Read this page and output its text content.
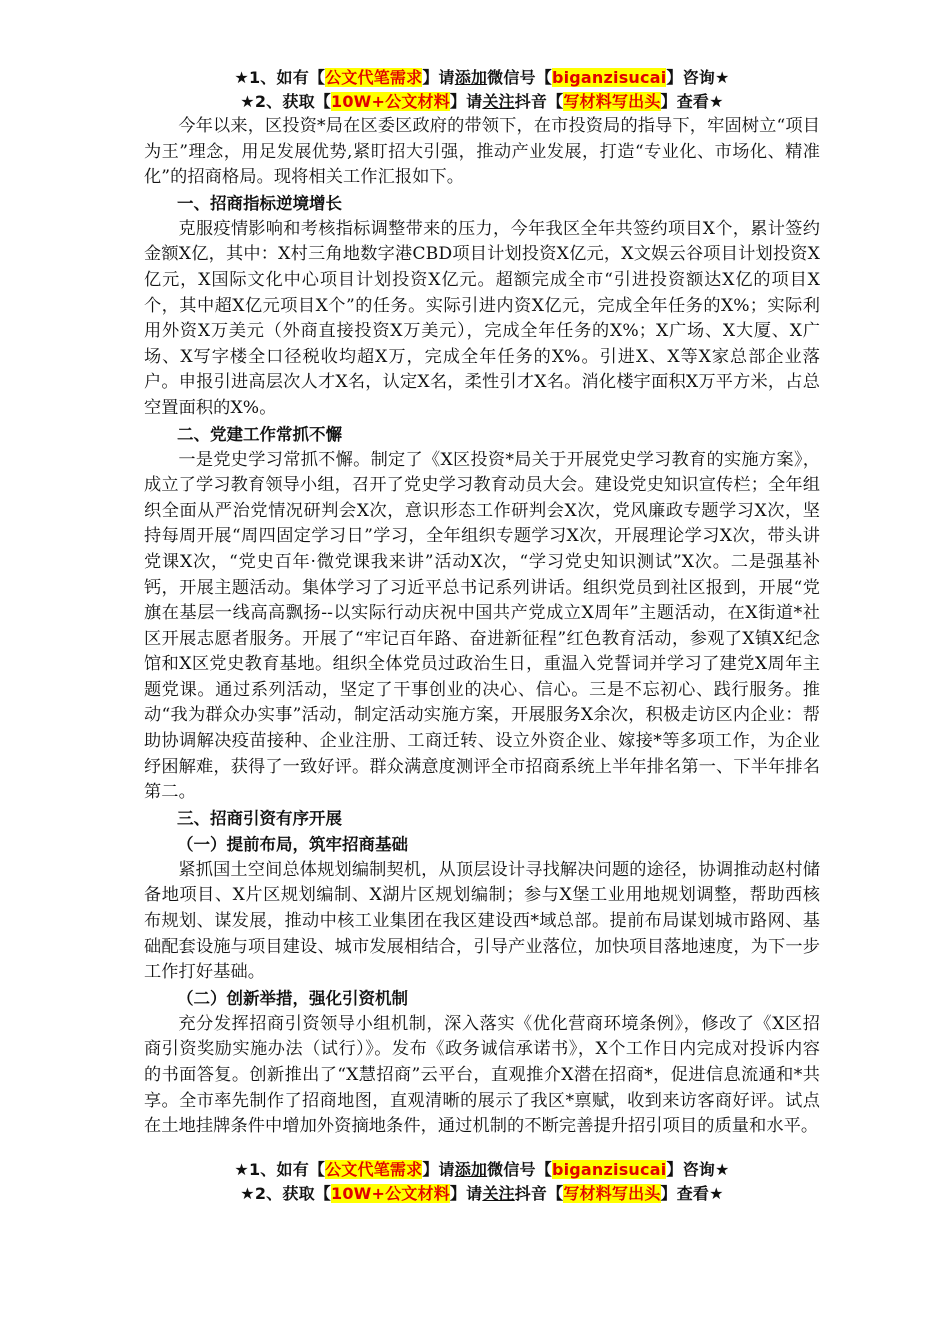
★1、如有【公文代笔需求】请添加微信号【biganzisucai】咨询★
★2、获取【10W+公文材料】请关注抖音【写材料写出头】查看★

今年以来，区投资*局在区委区政府的带领下，在市投资局的指导下，牢固树立“项目为王”理念，用足发展优势,紧盯招大引强，推动产业发展，打造“专业化、市场化、精准化”的招商格局。现将相关工作汇报如下。

一、招商指标逆境增长

克服疫情影响和考核指标调整带来的压力，今年我区全年共签约项目X个，累计签约金额X亿，其中：X村三角地数字港CBD项目计划投资X亿元，X文娱云谷项目计划投资X亿元，X国际文化中心项目计划投资X亿元。超额完成全市“引进投资额达X亿的项目X个，其中超X亿元项目X个”的任务。实际引进内资X亿元，完成全年任务的X%；实际利用外资X万美元（外商直接投资X万美元），完成全年任务的X%；X广场、X大厦、X广场、X写字楼全口径税收均超X万，完成全年任务的X%。引进X、X等X家总部企业落户。申报引进高层次人才X名，认定X名，柔性引才X名。消化楼宇面积X万平方米，占总空置面积的X%。

二、党建工作常抓不懈

一是党史学习常抓不懈。制定了《X区投资*局关于开展党史学习教育的实施方案》，成立了学习教育领导小组，召开了党史学习教育动员大会。建设党史知识宣传栏；全年组织全面从严治党情况研判会X次，意识形态工作研判会X次，党风廉政专题学习X次，坚持每周开展“周四固定学习日”学习，全年组织专题学习X次，开展理论学习X次，带头讲党课X次，“党史百年·微党课我来讲”活动X次，“学习党史知识测试”X次。二是强基补钙，开展主题活动。集体学习了习近平总书记系列讲话。组织党员到社区报到，开展“党旗在基层一线高高飘扬--以实际行动庆祝中国共产党成立X周年”主题活动，在X街道*社区开展志愿者服务。开展了“牢记百年路、奋进新征程”红色教育活动，参观了X镇X纪念馆和X区党史教育基地。组织全体党员过政治生日，重温入党誓词并学习了建党X周年主题党课。通过系列活动，坚定了干事创业的决心、信心。三是不忘初心、践行服务。推动“我为群众办实事”活动，制定活动实施方案，开展服务X余次，积极走访区内企业：帮助协调解决疫苗接种、企业注册、工商迁转、设立外资企业、嫁接*等多项工作，为企业纾困解难，获得了一致好评。群众满意度测评全市招商系统上半年排名第一、下半年排名第二。

三、招商引资有序开展

（一）提前布局，筑牢招商基础

紧抓国土空间总体规划编制契机，从顶层设计寻找解决问题的途径，协调推动赵村储备地项目、X片区规划编制、X湖片区规划编制；参与X堡工业用地规划调整，帮助西核布规划、谋发展，推动中核工业集团在我区建设西*域总部。提前布局谋划城市路网、基础配套设施与项目建设、城市发展相结合，引导产业落位，加快项目落地速度，为下一步工作打好基础。

（二）创新举措，强化引资机制

充分发挥招商引资领导小组机制，深入落实《优化营商环境条例》，修改了《X区招商引资奖励实施办法（试行）》。发布《政务诚信承诺书》，X个工作日内完成对投诉内容的书面答复。创新推出了“X慧招商”云平台，直观推介X潜在招商*，促进信息流通和*共享。全市率先制作了招商地图，直观清晰的展示了我区*禀赋，收到来访客商好评。试点在土地挂牌条件中增加外资摘地条件，通过机制的不断完善提升招引项目的质量和水平。

★1、如有【公文代笔需求】请添加微信号【biganzisucai】咨询★
★2、获取【10W+公文材料】请关注抖音【写材料写出头】查看★
